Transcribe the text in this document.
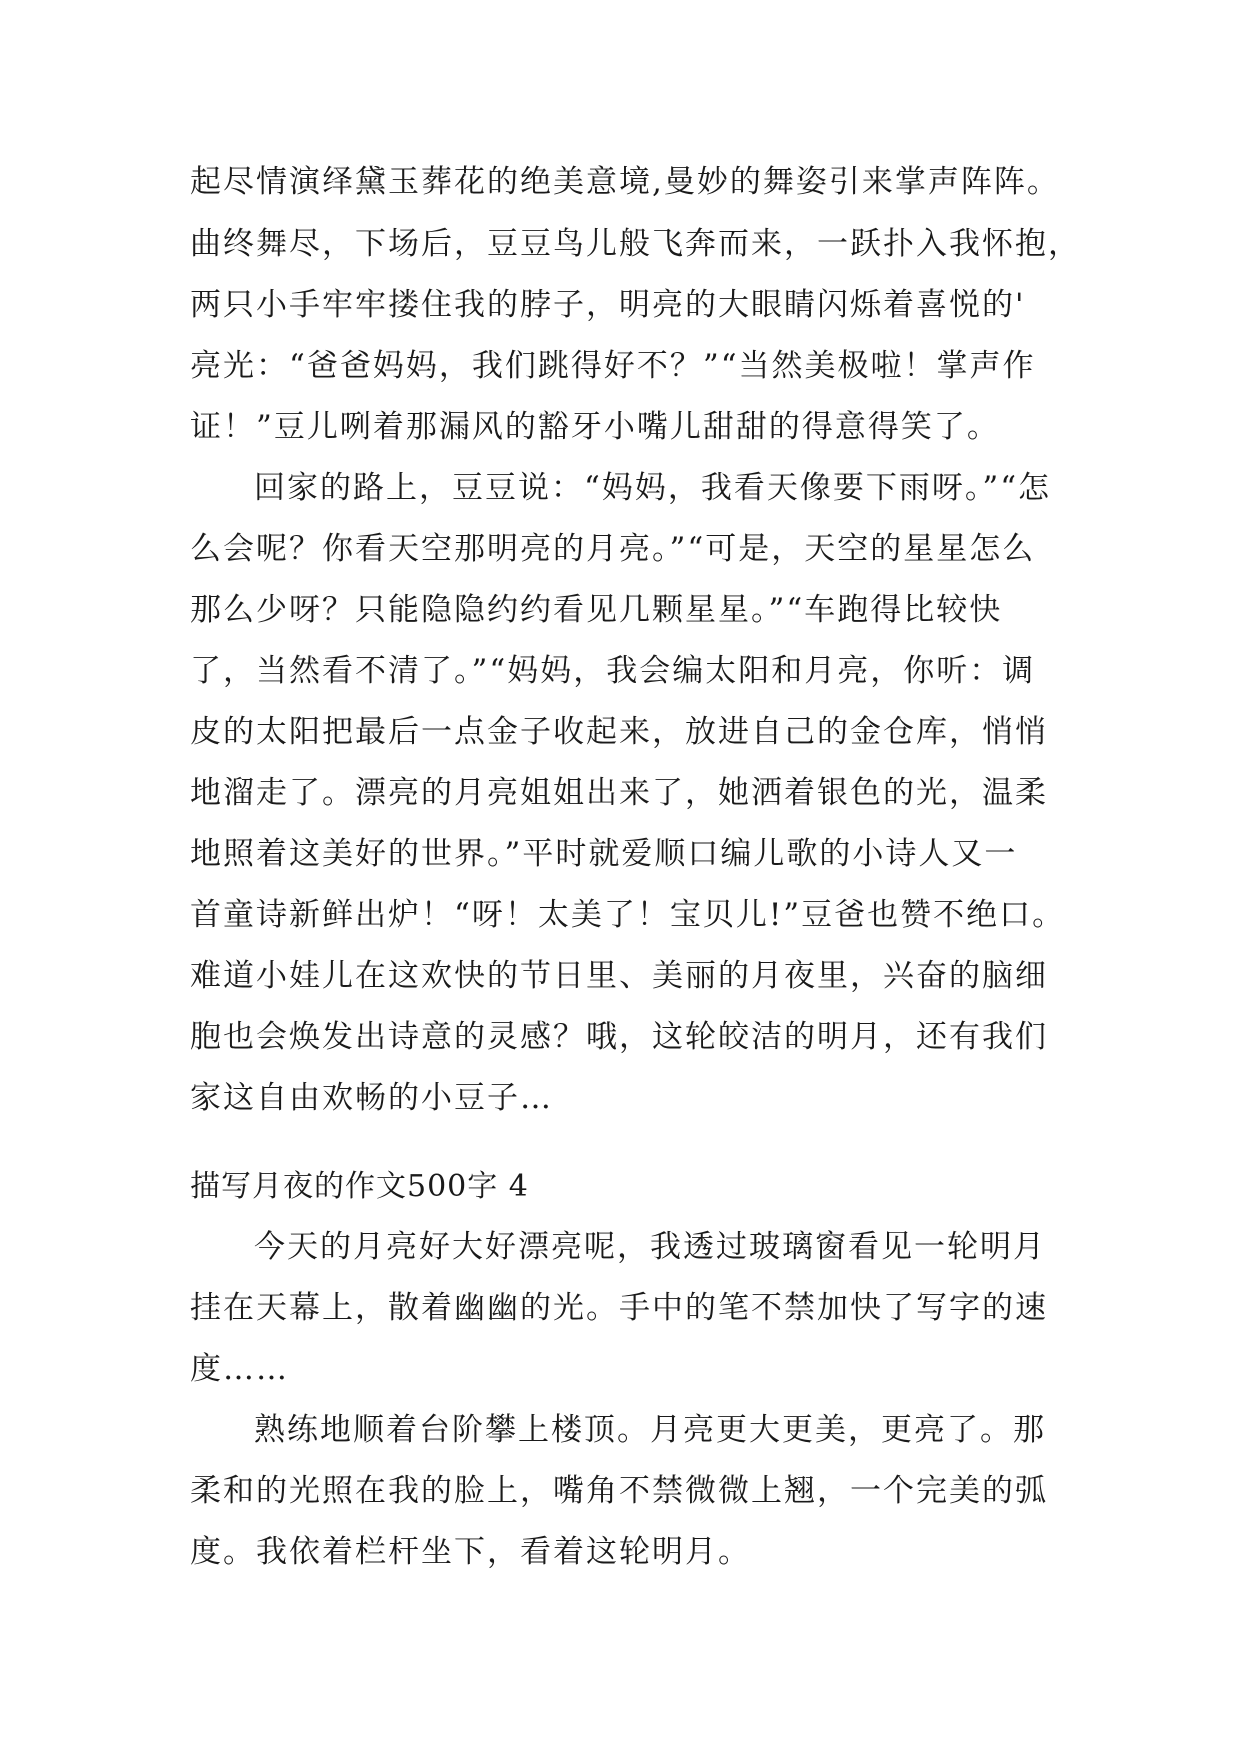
起尽情演绎黛玉葬花的绝美意境,曼妙的舞姿引来掌声阵阵。
曲终舞尽，下场后，豆豆鸟儿般飞奔而来，一跃扑入我怀抱，
两只小手牢牢搂住我的脖子，明亮的大眼睛闪烁着喜悦的'
亮光：“爸爸妈妈，我们跳得好不？”“当然美极啦！掌声作
证！”豆儿咧着那漏风的豁牙小嘴儿甜甜的得意得笑了。
回家的路上，豆豆说：“妈妈，我看天像要下雨呀。”“怎
么会呢？你看天空那明亮的月亮。”“可是，天空的星星怎么
那么少呀？只能隐隐约约看见几颗星星。”“车跑得比较快
了，当然看不清了。”“妈妈，我会编太阳和月亮，你听：调
皮的太阳把最后一点金子收起来，放进自己的金仓库，悄悄
地溜走了。漂亮的月亮姐姐出来了，她洒着银色的光，温柔
地照着这美好的世界。”平时就爱顺口编儿歌的小诗人又一
首童诗新鲜出炉！“呀！太美了！宝贝儿!”豆爸也赞不绝口。
难道小娃儿在这欢快的节日里、美丽的月夜里，兴奋的脑细
胞也会焕发出诗意的灵感？哦，这轮皎洁的明月，还有我们
家这自由欢畅的小豆子…
描写月夜的作文500字 4
今天的月亮好大好漂亮呢，我透过玻璃窗看见一轮明月
挂在天幕上，散着幽幽的光。手中的笔不禁加快了写字的速
度……
熟练地顺着台阶攀上楼顶。月亮更大更美，更亮了。那
柔和的光照在我的脸上，嘴角不禁微微上翘，一个完美的弧
度。我依着栏杆坐下，看着这轮明月。
